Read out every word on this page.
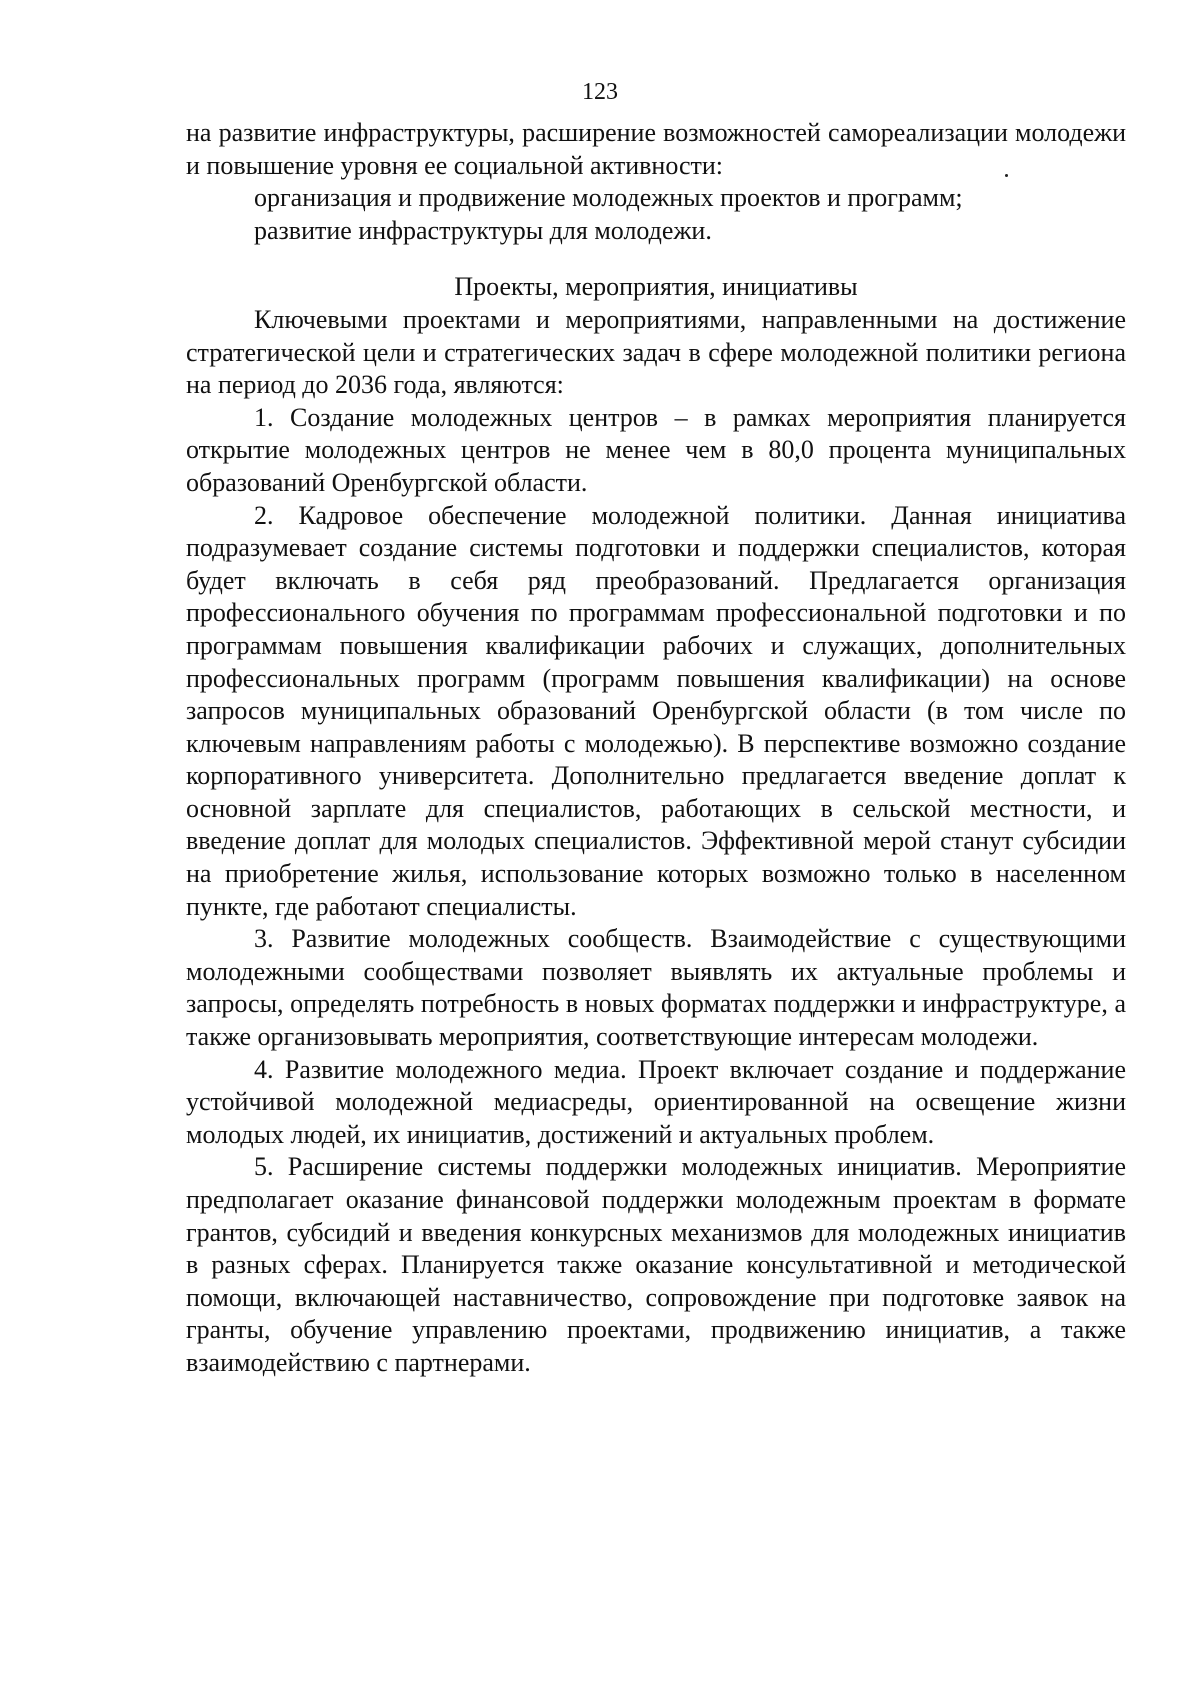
123

на развитие инфраструктуры, расширение возможностей самореализации молодежи и повышение уровня ее социальной активности:

организация и продвижение молодежных проектов и программ;

развитие инфраструктуры для молодежи.

Проекты, мероприятия, инициативы

Ключевыми проектами и мероприятиями, направленными на достижение стратегической цели и стратегических задач в сфере молодежной политики региона на период до 2036 года, являются:

1. Создание молодежных центров – в рамках мероприятия планируется открытие молодежных центров не менее чем в 80,0 процента муниципальных образований Оренбургской области.

2. Кадровое обеспечение молодежной политики. Данная инициатива подразумевает создание системы подготовки и поддержки специалистов, которая будет включать в себя ряд преобразований. Предлагается организация профессионального обучения по программам профессиональной подготовки и по программам повышения квалификации рабочих и служащих, дополнительных профессиональных программ (программ повышения квалификации) на основе запросов муниципальных образований Оренбургской области (в том числе по ключевым направлениям работы с молодежью). В перспективе возможно создание корпоративного университета. Дополнительно предлагается введение доплат к основной зарплате для специалистов, работающих в сельской местности, и введение доплат для молодых специалистов. Эффективной мерой станут субсидии на приобретение жилья, использование которых возможно только в населенном пункте, где работают специалисты.

3. Развитие молодежных сообществ. Взаимодействие с существующими молодежными сообществами позволяет выявлять их актуальные проблемы и запросы, определять потребность в новых форматах поддержки и инфраструктуре, а также организовывать мероприятия, соответствующие интересам молодежи.

4. Развитие молодежного медиа. Проект включает создание и поддержание устойчивой молодежной медиасреды, ориентированной на освещение жизни молодых людей, их инициатив, достижений и актуальных проблем.

5. Расширение системы поддержки молодежных инициатив. Мероприятие предполагает оказание финансовой поддержки молодежным проектам в формате грантов, субсидий и введения конкурсных механизмов для молодежных инициатив в разных сферах. Планируется также оказание консультативной и методической помощи, включающей наставничество, сопровождение при подготовке заявок на гранты, обучение управлению проектами, продвижению инициатив, а также взаимодействию с партнерами.
